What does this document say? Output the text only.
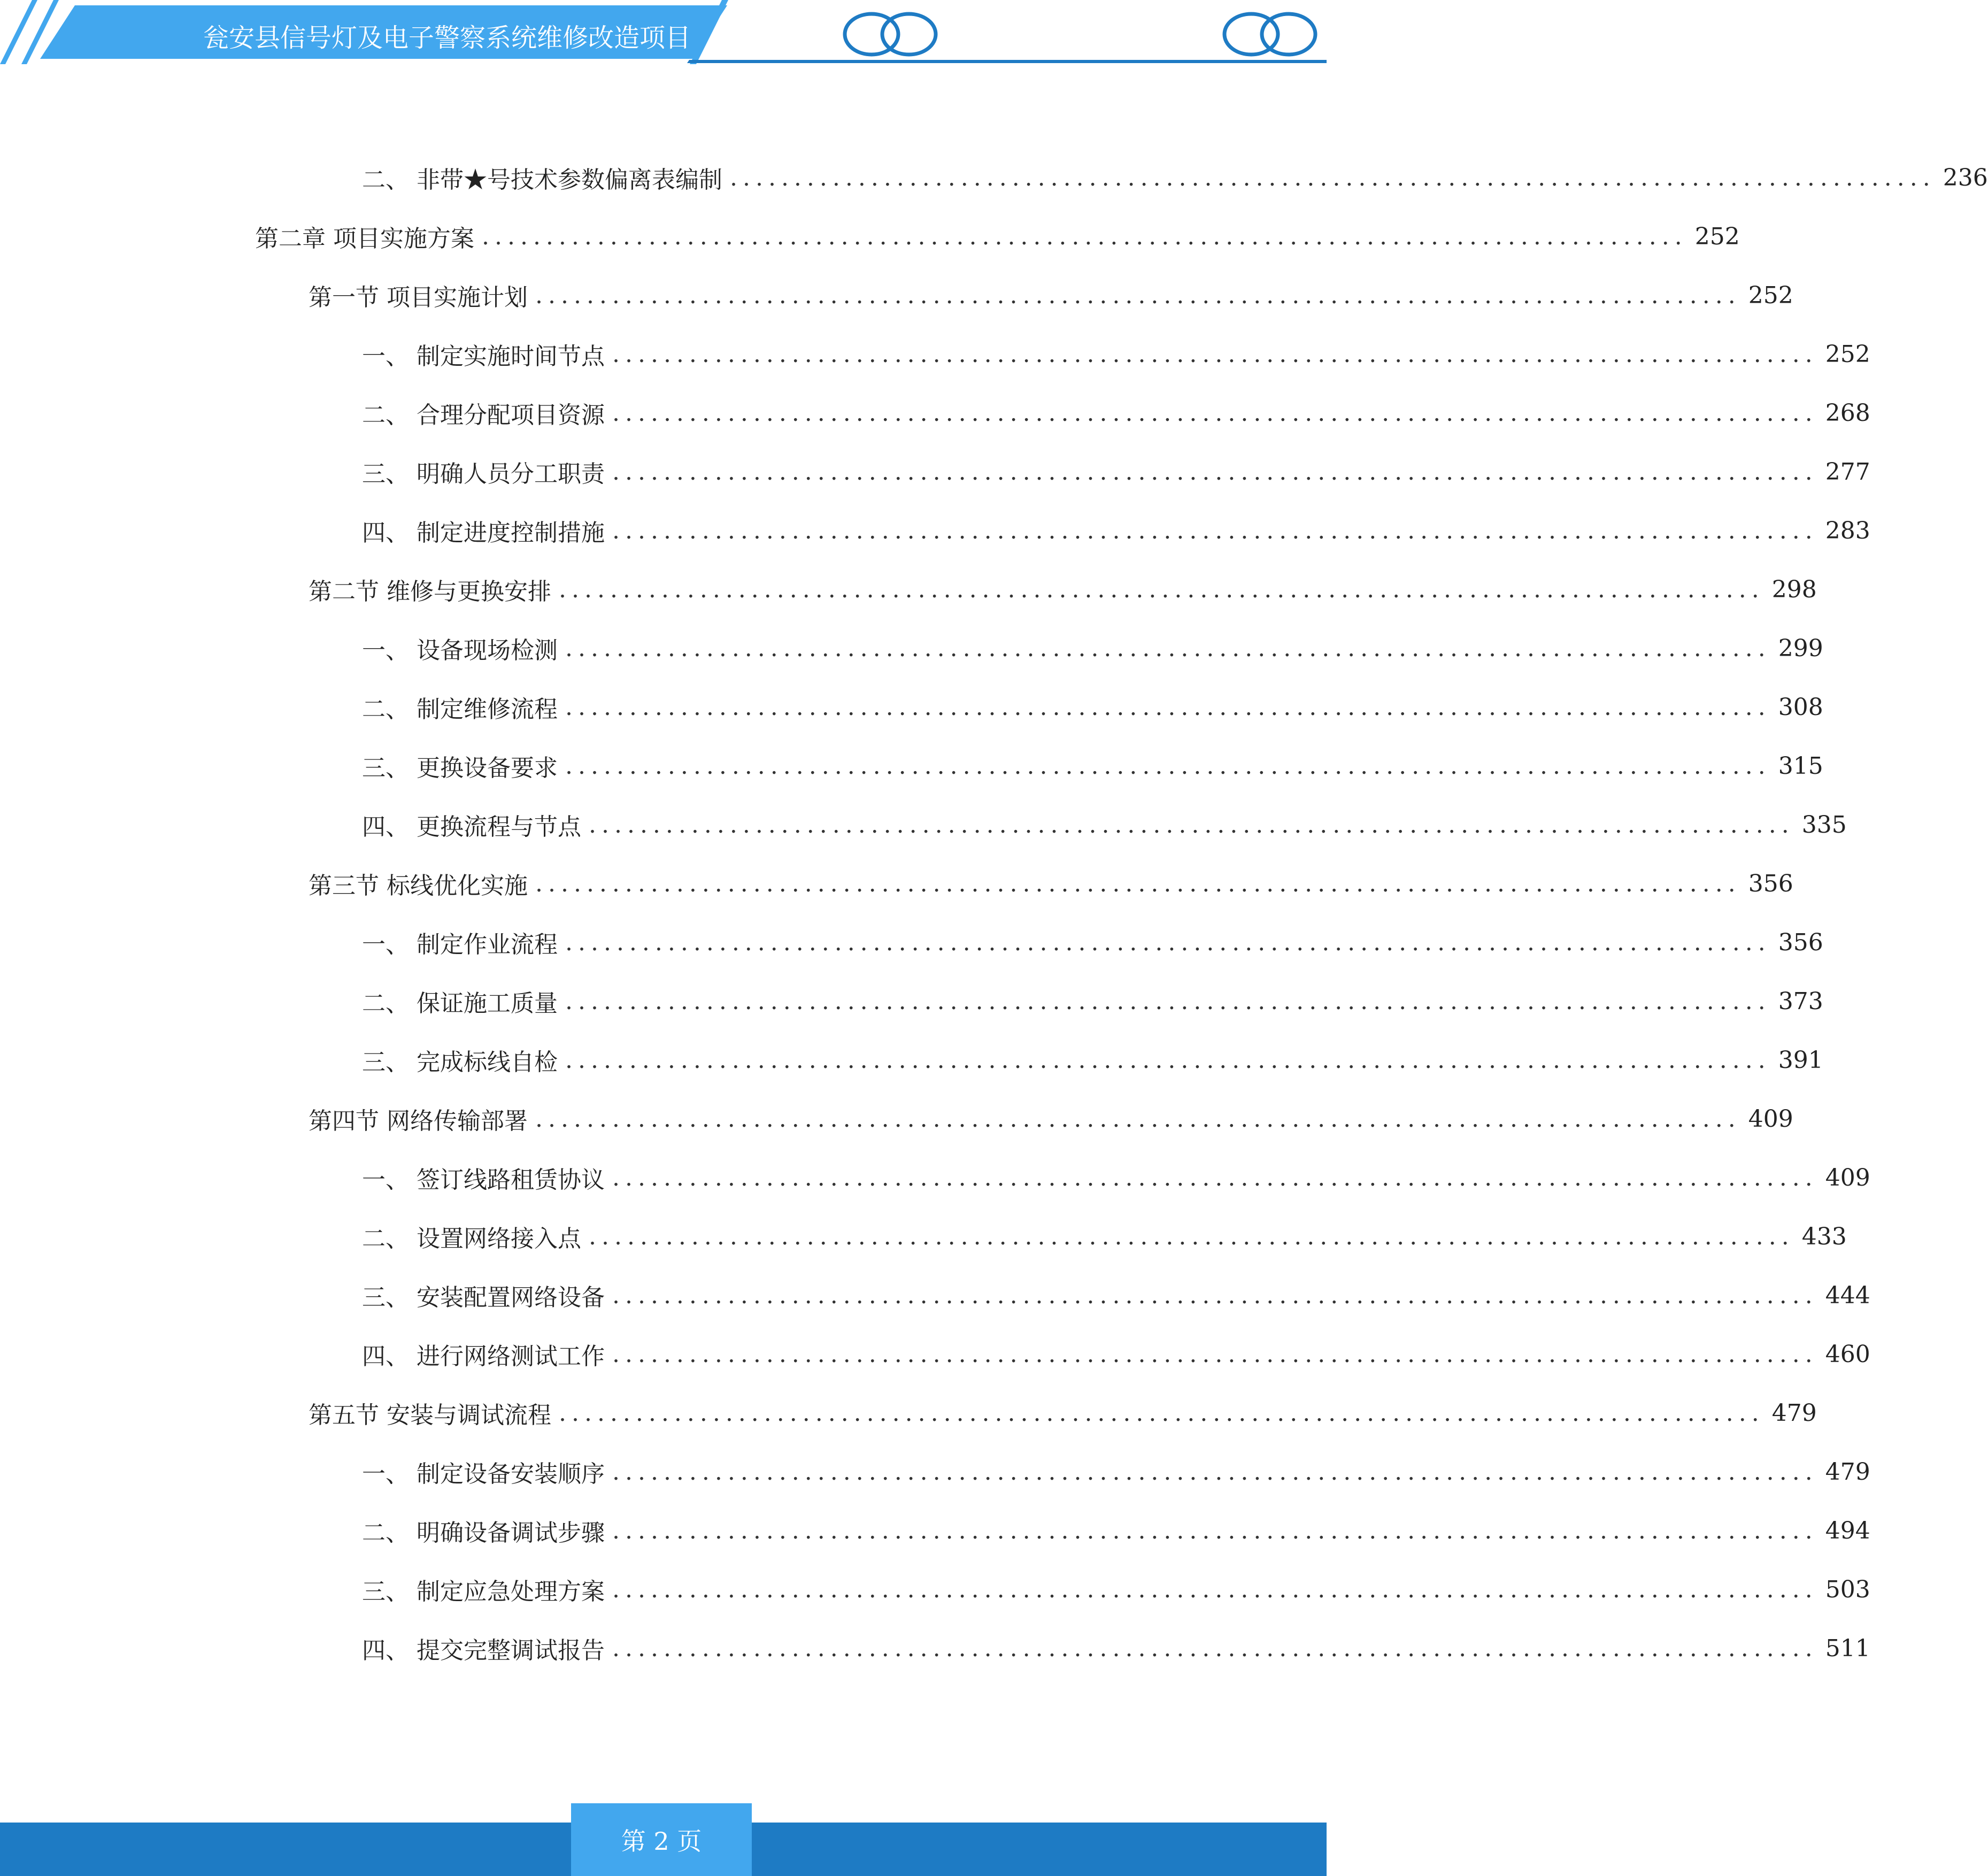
瓮安县信号灯及电子警察系统维修改造项目
二、 非带★号技术参数偏离表编制 .............................................................................................. 236
第二章 项目实施方案 .............................................................................................. 252
第一节 项目实施计划 .............................................................................................. 252
一、 制定实施时间节点 .............................................................................................. 252
二、 合理分配项目资源 .............................................................................................. 268
三、 明确人员分工职责 .............................................................................................. 277
四、 制定进度控制措施 .............................................................................................. 283
第二节 维修与更换安排 .............................................................................................. 298
一、 设备现场检测 .............................................................................................. 299
二、 制定维修流程 .............................................................................................. 308
三、 更换设备要求 .............................................................................................. 315
四、 更换流程与节点 .............................................................................................. 335
第三节 标线优化实施 .............................................................................................. 356
一、 制定作业流程 .............................................................................................. 356
二、 保证施工质量 .............................................................................................. 373
三、 完成标线自检 .............................................................................................. 391
第四节 网络传输部署 .............................................................................................. 409
一、 签订线路租赁协议 .............................................................................................. 409
二、 设置网络接入点 .............................................................................................. 433
三、 安装配置网络设备 .............................................................................................. 444
四、 进行网络测试工作 .............................................................................................. 460
第五节 安装与调试流程 .............................................................................................. 479
一、 制定设备安装顺序 .............................................................................................. 479
二、 明确设备调试步骤 .............................................................................................. 494
三、 制定应急处理方案 .............................................................................................. 503
四、 提交完整调试报告 .............................................................................................. 511
第 2 页
